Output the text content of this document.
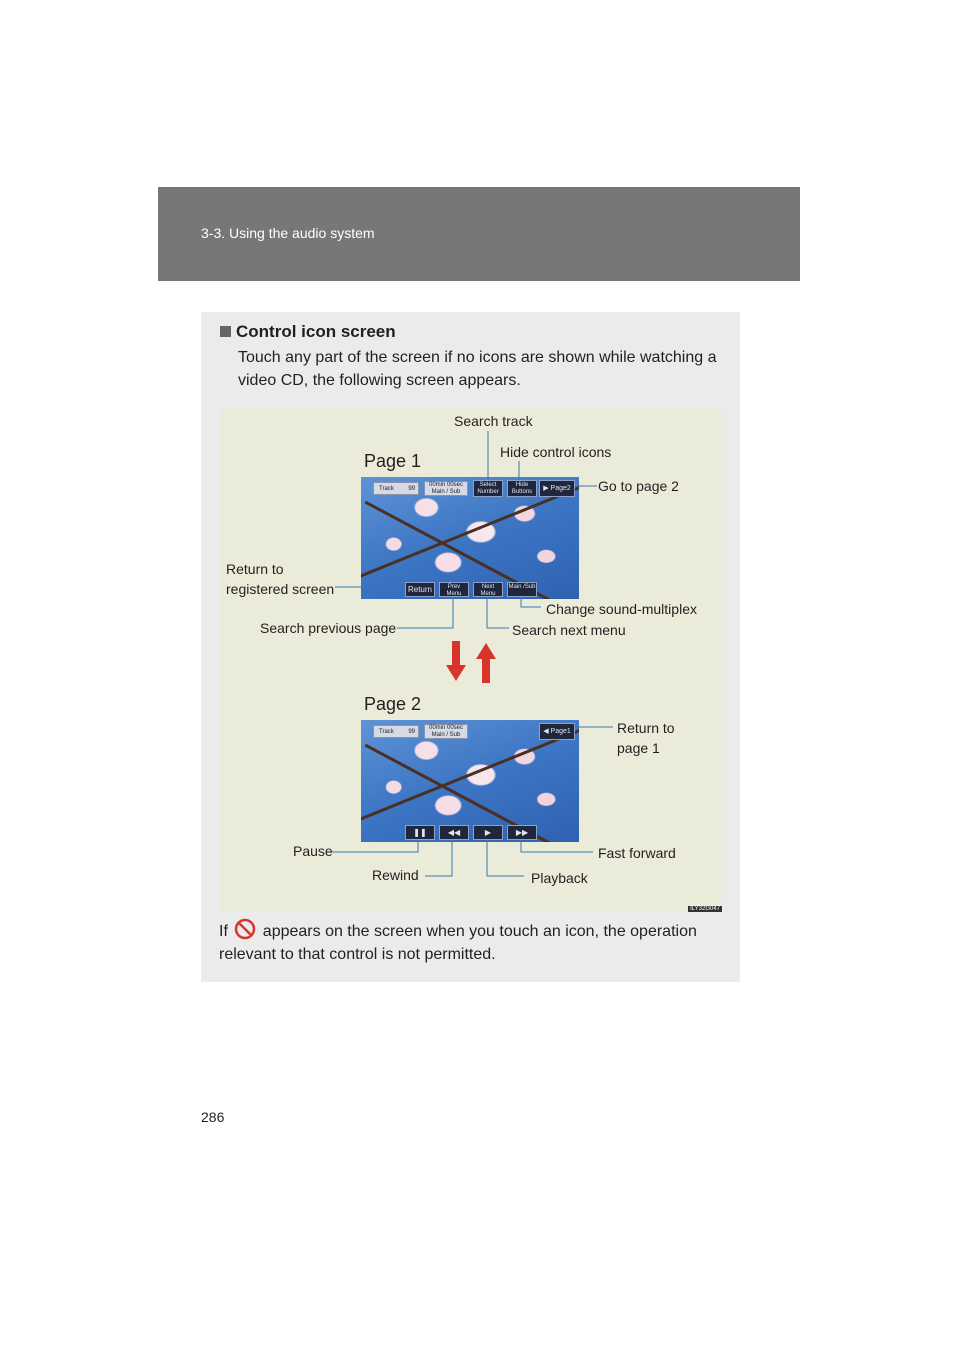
3-3. Using the audio system
Control icon screen
Touch any part of the screen if no icons are shown while watching a video CD, the following screen appears.
Page 1
Page 2
Track 99
00min 00sec
Main / Sub
Select Number
Hide Buttons	▶ Page2
Return	Prev Menu
Next Menu
Main /Sub
Track 99
00min 00sec
Main / Sub	◀ Page1
❚❚	◀◀	▶	▶▶
Search track
Hide control icons
Go to page 2
Return to
registered screen
Change sound-multiplex
Search previous page	Search next menu
Return to
page 1
Pause	Fast forward
Rewind	Playback
ILY32G047
If appears on the screen when you touch an icon, the operation relevant to that control is not permitted.
286
